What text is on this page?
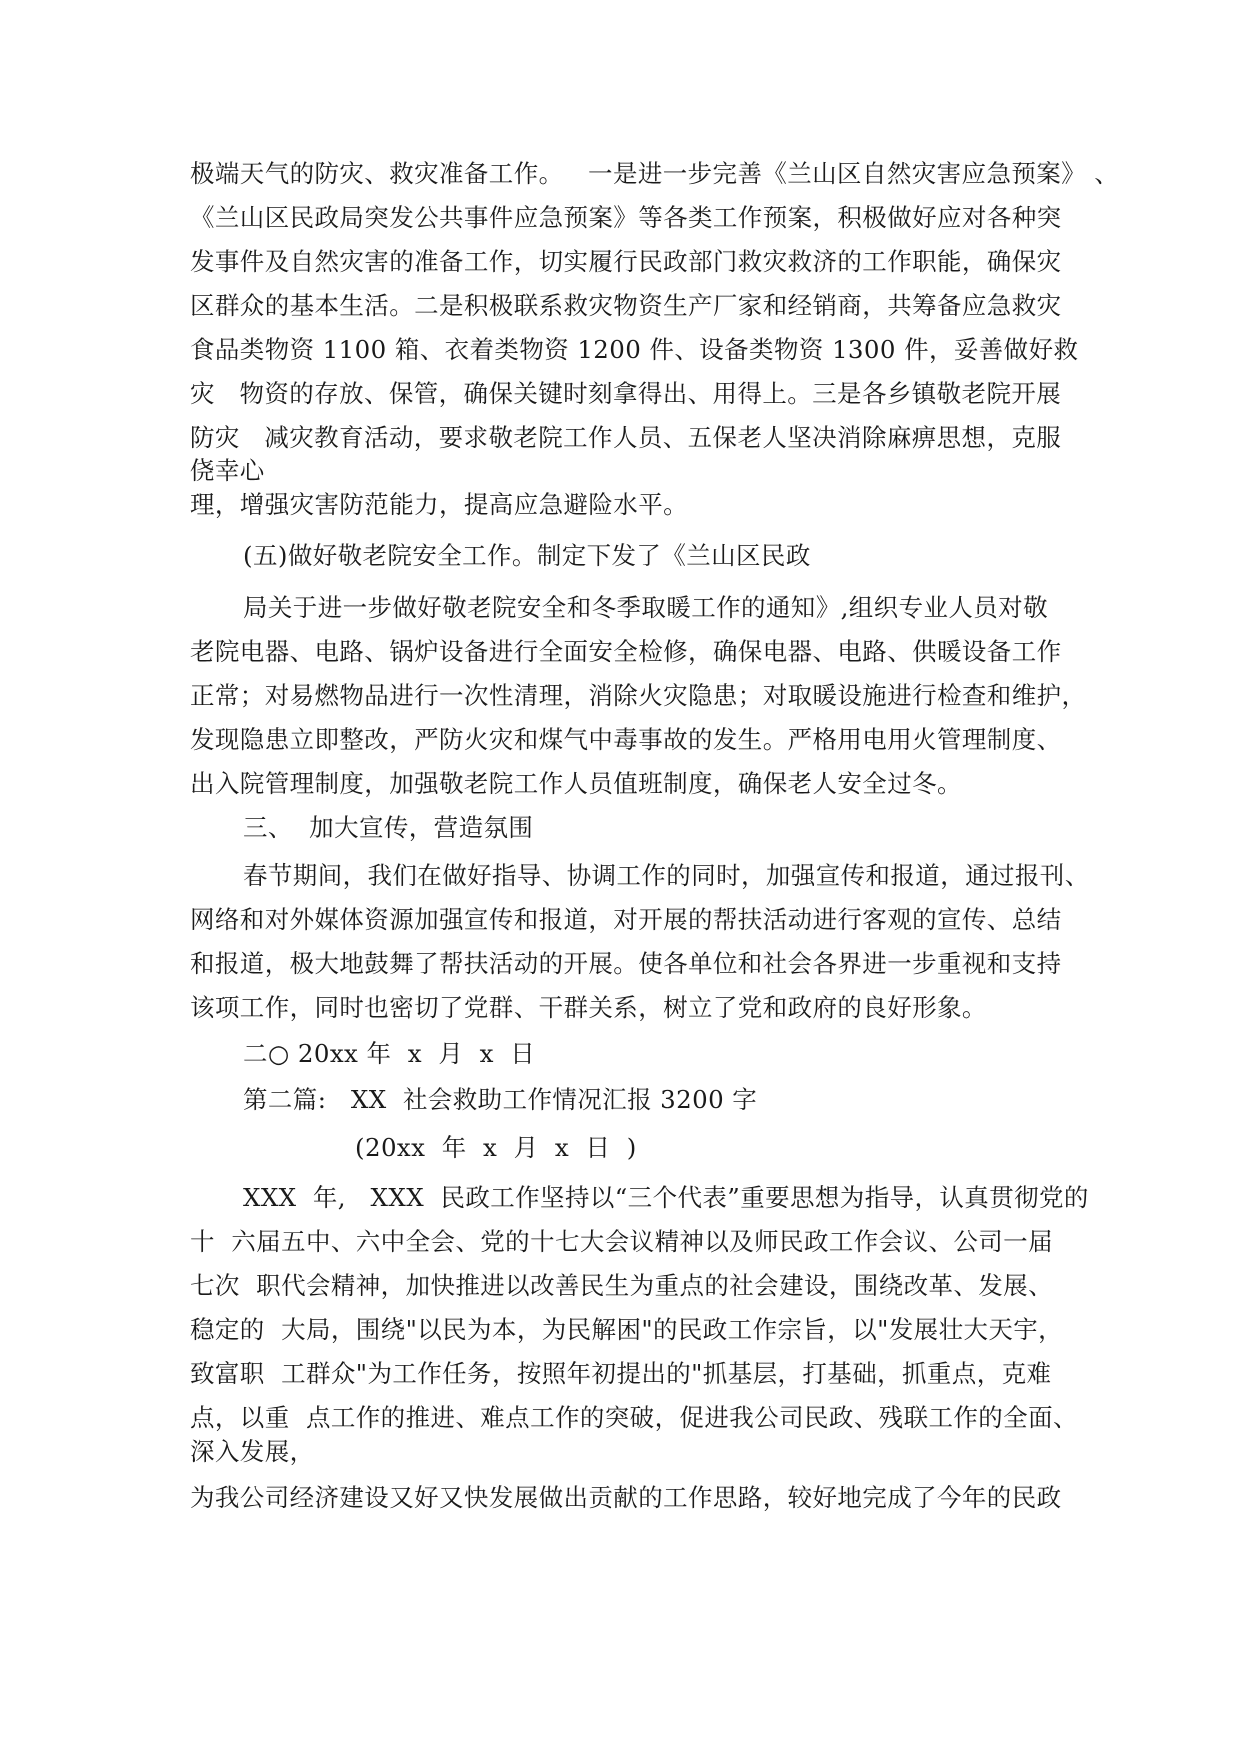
极端天气的防灾、救灾准备工作。   一是进一步完善《兰山区自然灾害应急预案》 、
《兰山区民政局突发公共事件应急预案》等各类工作预案，积极做好应对各种突
发事件及自然灾害的准备工作，切实履行民政部门救灾救济的工作职能，确保灾
区群众的基本生活。二是积极联系救灾物资生产厂家和经销商，共筹备应急救灾
食品类物资 1100 箱、衣着类物资 1200 件、设备类物资 1300 件，妥善做好救
灾   物资的存放、保管，确保关键时刻拿得出、用得上。三是各乡镇敬老院开展
防灾   减灾教育活动，要求敬老院工作人员、五保老人坚决消除麻痹思想，克服
侥幸心
理，增强灾害防范能力，提高应急避险水平。
(五)做好敬老院安全工作。制定下发了《兰山区民政
局关于进一步做好敬老院安全和冬季取暖工作的通知》,组织专业人员对敬
老院电器、电路、锅炉设备进行全面安全检修，确保电器、电路、供暖设备工作
正常；对易燃物品进行一次性清理，消除火灾隐患；对取暖设施进行检查和维护，
发现隐患立即整改，严防火灾和煤气中毒事故的发生。严格用电用火管理制度、
出入院管理制度，加强敬老院工作人员值班制度，确保老人安全过冬。
三、  加大宣传，营造氛围
春节期间，我们在做好指导、协调工作的同时，加强宣传和报道，通过报刊、
网络和对外媒体资源加强宣传和报道，对开展的帮扶活动进行客观的宣传、总结
和报道，极大地鼓舞了帮扶活动的开展。使各单位和社会各界进一步重视和支持
该项工作，同时也密切了党群、干群关系，树立了党和政府的良好形象。
二○ 20xx 年  x  月  x  日
第二篇:   XX  社会救助工作情况汇报 3200 字
(20xx  年  x  月  x  日  )
XXX  年,   XXX  民政工作坚持以“三个代表”重要思想为指导，认真贯彻党的
十  六届五中、六中全会、党的十七大会议精神以及师民政工作会议、公司一届
七次  职代会精神，加快推进以改善民生为重点的社会建设，围绕改革、发展、
稳定的  大局，围绕"以民为本，为民解困"的民政工作宗旨，以"发展壮大天宇，
致富职  工群众"为工作任务，按照年初提出的"抓基层，打基础，抓重点，克难
点，以重  点工作的推进、难点工作的突破，促进我公司民政、残联工作的全面、
深入发展，
为我公司经济建设又好又快发展做出贡献的工作思路，较好地完成了今年的民政
